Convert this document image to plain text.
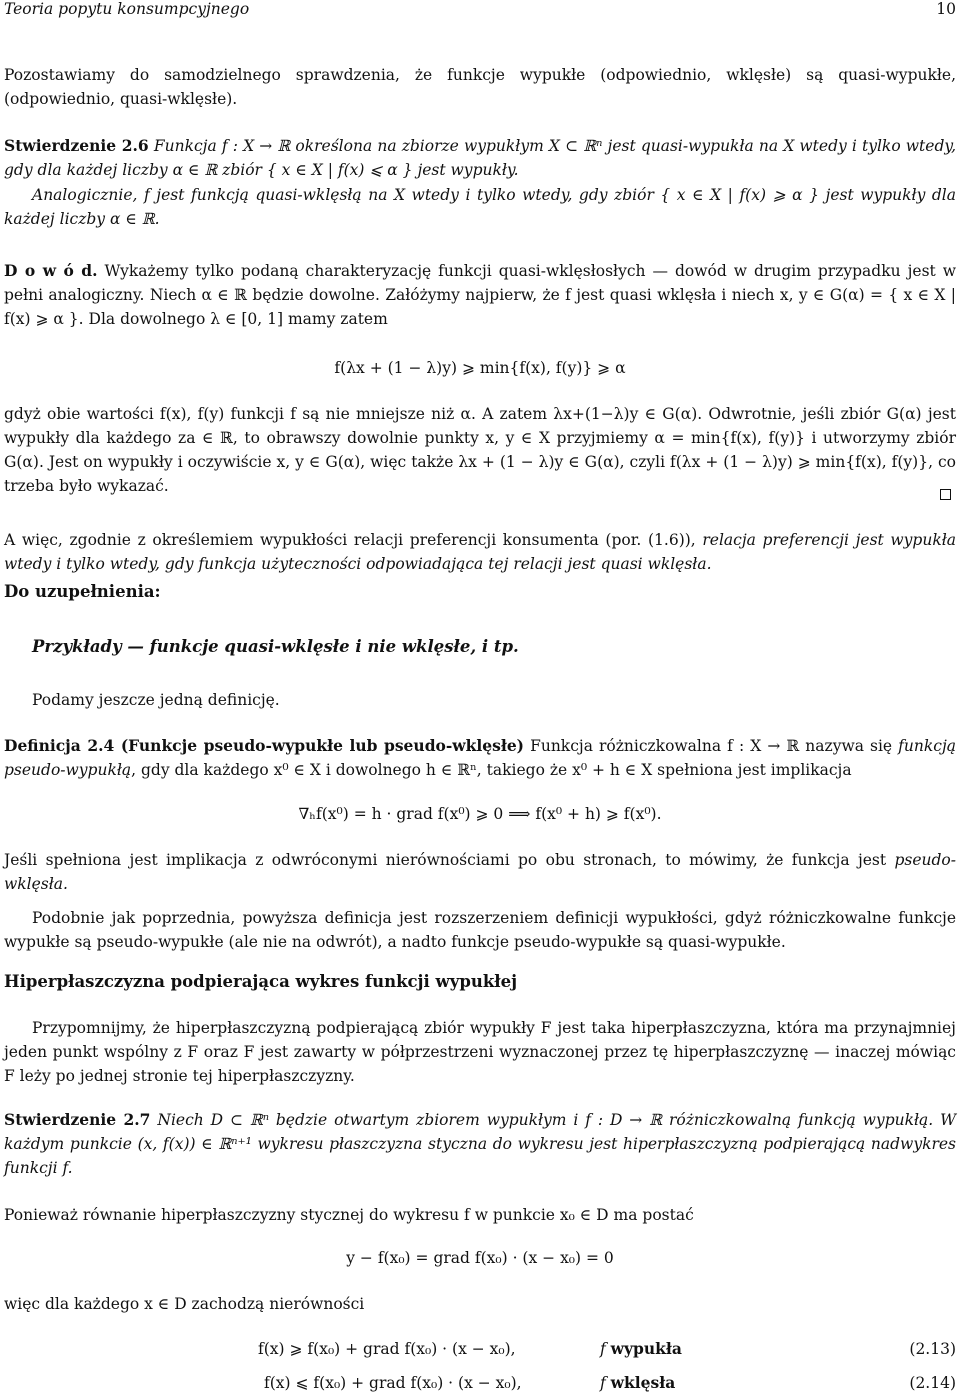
Teoria popytu konsumpcyjnego	10
Pozostawiamy do samodzielnego sprawdzenia, że funkcje wypukłe (odpowiednio, wklęsłe) są quasi-wypukłe, (odpowiednio, quasi-wklęsłe).
Stwierdzenie 2.6 Funkcja f : X → ℝ określona na zbiorze wypukłym X ⊂ ℝⁿ jest quasi-wypukła na X wtedy i tylko wtedy, gdy dla każdej liczby α ∈ ℝ zbiór { x ∈ X | f(x) ⩽ α } jest wypukły.
Analogicznie, f jest funkcją quasi-wklęsłą na X wtedy i tylko wtedy, gdy zbiór { x ∈ X | f(x) ⩾ α } jest wypukły dla każdej liczby α ∈ ℝ.
D o w ó d. Wykażemy tylko podaną charakteryzację funkcji quasi-wklęsłosłych — dowód w drugim przypadku jest w pełni analogiczny. Niech α ∈ ℝ będzie dowolne. Załóżymy najpierw, że f jest quasi wklęsła i niech x, y ∈ G(α) = { x ∈ X | f(x) ⩾ α }. Dla dowolnego λ ∈ [0, 1] mamy zatem
f(λx + (1 − λ)y) ⩾ min{f(x), f(y)} ⩾ α
gdyż obie wartości f(x), f(y) funkcji f są nie mniejsze niż α. A zatem λx+(1−λ)y ∈ G(α). Odwrotnie, jeśli zbiór G(α) jest wypukły dla każdego za ∈ ℝ, to obrawszy dowolnie punkty x, y ∈ X przyjmiemy α = min{f(x), f(y)} i utworzymy zbiór G(α). Jest on wypukły i oczywiście x, y ∈ G(α), więc także λx + (1 − λ)y ∈ G(α), czyli f(λx + (1 − λ)y) ⩾ min{f(x), f(y)}, co trzeba było wykazać.
A więc, zgodnie z określemiem wypukłości relacji preferencji konsumenta (por. (1.6)), relacja preferencji jest wypukła wtedy i tylko wtedy, gdy funkcja użyteczności odpowiadająca tej relacji jest quasi wklęsła.
Do uzupełnienia:
Przykłady — funkcje quasi-wklęsłe i nie wklęsłe, i tp.
Podamy jeszcze jedną definicję.
Definicja 2.4 (Funkcje pseudo-wypukłe lub pseudo-wklęsłe) Funkcja różniczkowalna f : X → ℝ nazywa się funkcją pseudo-wypukłą, gdy dla każdego x⁰ ∈ X i dowolnego h ∈ ℝⁿ, takiego że x⁰ + h ∈ X spełniona jest implikacja
∇ₕf(x⁰) = h · grad f(x⁰) ⩾ 0 ⟹ f(x⁰ + h) ⩾ f(x⁰).
Jeśli spełniona jest implikacja z odwróconymi nierównościami po obu stronach, to mówimy, że funkcja jest pseudo-wklęsła.
Podobnie jak poprzednia, powyższa definicja jest rozszerzeniem definicji wypukłości, gdyż różniczkowalne funkcje wypukłe są pseudo-wypukłe (ale nie na odwrót), a nadto funkcje pseudo-wypukłe są quasi-wypukłe.
Hiperpłaszczyzna podpierająca wykres funkcji wypukłej
Przypomnijmy, że hiperpłaszczyzną podpierającą zbiór wypukły F jest taka hiperpłaszczyzna, która ma przynajmniej jeden punkt wspólny z F oraz F jest zawarty w półprzestrzeni wyznaczonej przez tę hiperpłaszczyznę — inaczej mówiąc F leży po jednej stronie tej hiperpłaszczyzny.
Stwierdzenie 2.7 Niech D ⊂ ℝⁿ będzie otwartym zbiorem wypukłym i f : D → ℝ różniczkowalną funkcją wypukłą. W każdym punkcie (x, f(x)) ∈ ℝⁿ⁺¹ wykresu płaszczyzna styczna do wykresu jest hiperpłaszczyzną podpierającą nadwykres funkcji f.
Ponieważ równanie hiperpłaszczyzny stycznej do wykresu f w punkcie x₀ ∈ D ma postać
y − f(x₀) = grad f(x₀) · (x − x₀) = 0
więc dla każdego x ∈ D zachodzą nierówności
f(x) ⩾ f(x₀) + grad f(x₀) · (x − x₀),	f wypukła	(2.13)
f(x) ⩽ f(x₀) + grad f(x₀) · (x − x₀),	f wklęsła	(2.14)
